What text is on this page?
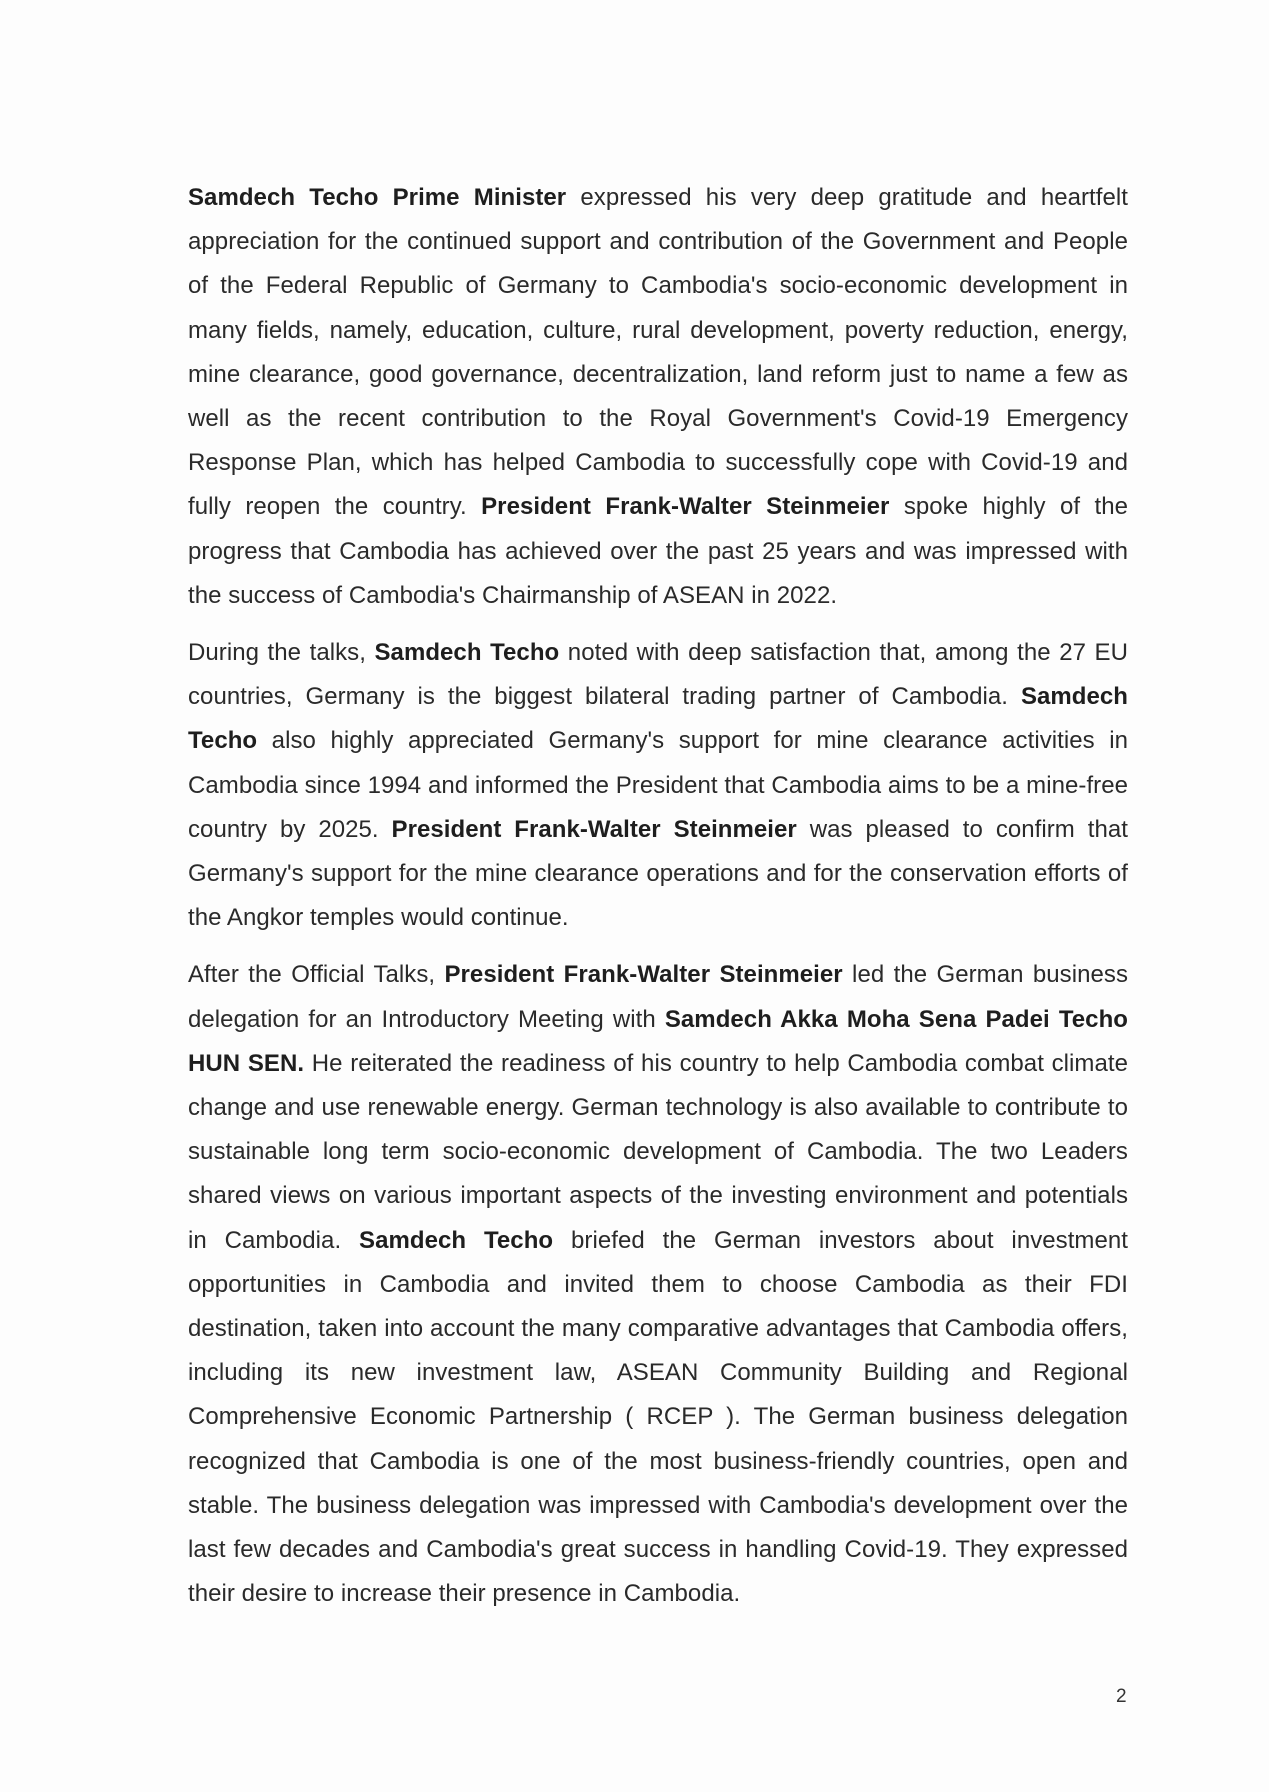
Samdech Techo Prime Minister expressed his very deep gratitude and heartfelt appreciation for the continued support and contribution of the Government and People of the Federal Republic of Germany to Cambodia's socio-economic development in many fields, namely, education, culture, rural development, poverty reduction, energy, mine clearance, good governance, decentralization, land reform just to name a few as well as the recent contribution to the Royal Government's Covid-19 Emergency Response Plan, which has helped Cambodia to successfully cope with Covid-19 and fully reopen the country. President Frank-Walter Steinmeier spoke highly of the progress that Cambodia has achieved over the past 25 years and was impressed with the success of Cambodia's Chairmanship of ASEAN in 2022.

During the talks, Samdech Techo noted with deep satisfaction that, among the 27 EU countries, Germany is the biggest bilateral trading partner of Cambodia. Samdech Techo also highly appreciated Germany's support for mine clearance activities in Cambodia since 1994 and informed the President that Cambodia aims to be a mine-free country by 2025. President Frank-Walter Steinmeier was pleased to confirm that Germany's support for the mine clearance operations and for the conservation efforts of the Angkor temples would continue.

After the Official Talks, President Frank-Walter Steinmeier led the German business delegation for an Introductory Meeting with Samdech Akka Moha Sena Padei Techo HUN SEN. He reiterated the readiness of his country to help Cambodia combat climate change and use renewable energy. German technology is also available to contribute to sustainable long term socio-economic development of Cambodia. The two Leaders shared views on various important aspects of the investing environment and potentials in Cambodia. Samdech Techo briefed the German investors about investment opportunities in Cambodia and invited them to choose Cambodia as their FDI destination, taken into account the many comparative advantages that Cambodia offers, including its new investment law, ASEAN Community Building and Regional Comprehensive Economic Partnership ( RCEP ). The German business delegation recognized that Cambodia is one of the most business-friendly countries, open and stable. The business delegation was impressed with Cambodia's development over the last few decades and Cambodia's great success in handling Covid-19. They expressed their desire to increase their presence in Cambodia.

2
